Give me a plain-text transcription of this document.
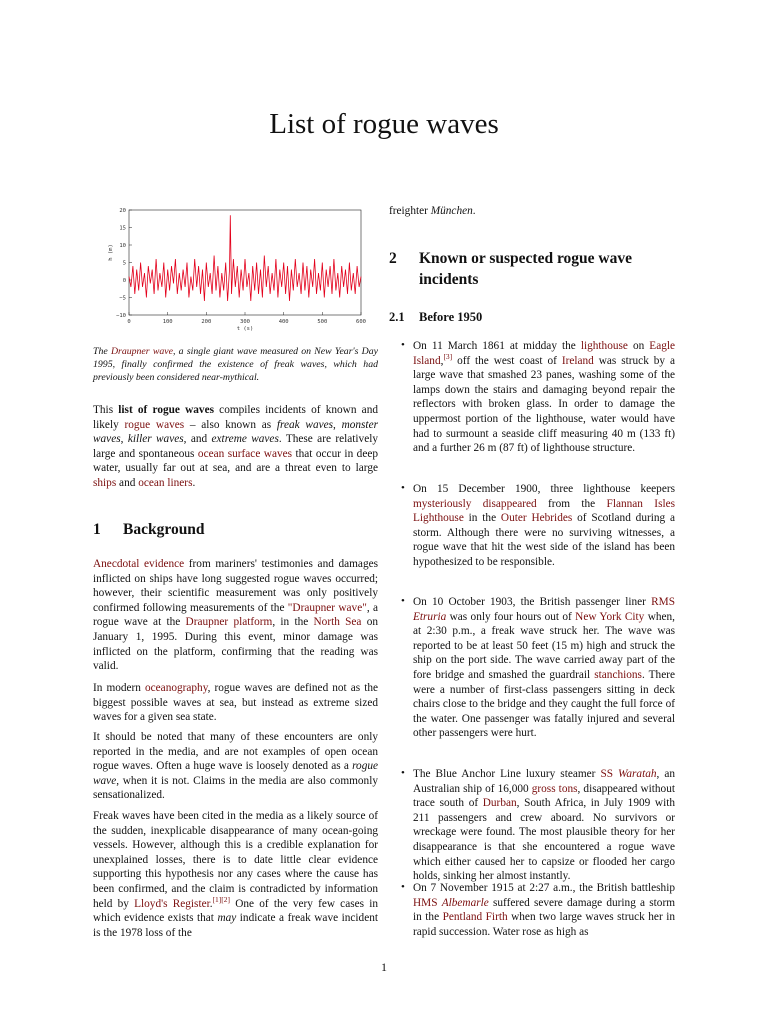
List of rogue waves
0	100	200	300	400	500	600
20
15
10
5
0
−5
−10
t (s)
h (m)
The Draupner wave, a single giant wave measured on New Year's Day 1995, finally confirmed the existence of freak waves, which had previously been considered near-mythical.

This list of rogue waves compiles incidents of known and likely rogue waves – also known as freak waves, monster waves, killer waves, and extreme waves. These are relatively large and spontaneous ocean surface waves that occur in deep water, usually far out at sea, and are a threat even to large ships and ocean liners.

1 Background

Anecdotal evidence from mariners' testimonies and damages inflicted on ships have long suggested rogue waves occurred; however, their scientific measurement was only positively confirmed following measurements of the "Draupner wave", a rogue wave at the Draupner platform, in the North Sea on January 1, 1995. During this event, minor damage was inflicted on the platform, confirming that the reading was valid.

In modern oceanography, rogue waves are defined not as the biggest possible waves at sea, but instead as extreme sized waves for a given sea state.

It should be noted that many of these encounters are only reported in the media, and are not examples of open ocean rogue waves. Often a huge wave is loosely denoted as a rogue wave, when it is not. Claims in the media are also commonly sensationalized.

Freak waves have been cited in the media as a likely source of the sudden, inexplicable disappearance of many ocean-going vessels. However, although this is a credible explanation for unexplained losses, there is to date little clear evidence supporting this hypothesis nor any cases where the cause has been confirmed, and the claim is contradicted by information held by Lloyd's Register.[1][2] One of the very few cases in which evidence exists that may indicate a freak wave incident is the 1978 loss of the

freighter München.

2	Known or suspected rogue wave incidents
2.1 Before 1950

• On 11 March 1861 at midday the lighthouse on Eagle Island,[3] off the west coast of Ireland was struck by a large wave that smashed 23 panes, washing some of the lamps down the stairs and damaging beyond repair the reflectors with broken glass. In order to damage the uppermost portion of the lighthouse, water would have had to surmount a seaside cliff measuring 40 m (133 ft) and a further 26 m (87 ft) of lighthouse structure.

• On 15 December 1900, three lighthouse keepers mysteriously disappeared from the Flannan Isles Lighthouse in the Outer Hebrides of Scotland during a storm. Although there were no surviving witnesses, a rogue wave that hit the west side of the island has been hypothesized to be responsible.

• On 10 October 1903, the British passenger liner RMS Etruria was only four hours out of New York City when, at 2:30 p.m., a freak wave struck her. The wave was reported to be at least 50 feet (15 m) high and struck the ship on the port side. The wave carried away part of the fore bridge and smashed the guardrail stanchions. There were a number of first-class passengers sitting in deck chairs close to the bridge and they caught the full force of the water. One passenger was fatally injured and several other passengers were hurt.

• The Blue Anchor Line luxury steamer SS Waratah, an Australian ship of 16,000 gross tons, disappeared without trace south of Durban, South Africa, in July 1909 with 211 passengers and crew aboard. No survivors or wreckage were found. The most plausible theory for her disappearance is that she encountered a rogue wave which either caused her to capsize or flooded her cargo holds, sinking her almost instantly.

• On 7 November 1915 at 2:27 a.m., the British battleship HMS Albemarle suffered severe damage during a storm in the Pentland Firth when two large waves struck her in rapid succession. Water rose as high as

1
